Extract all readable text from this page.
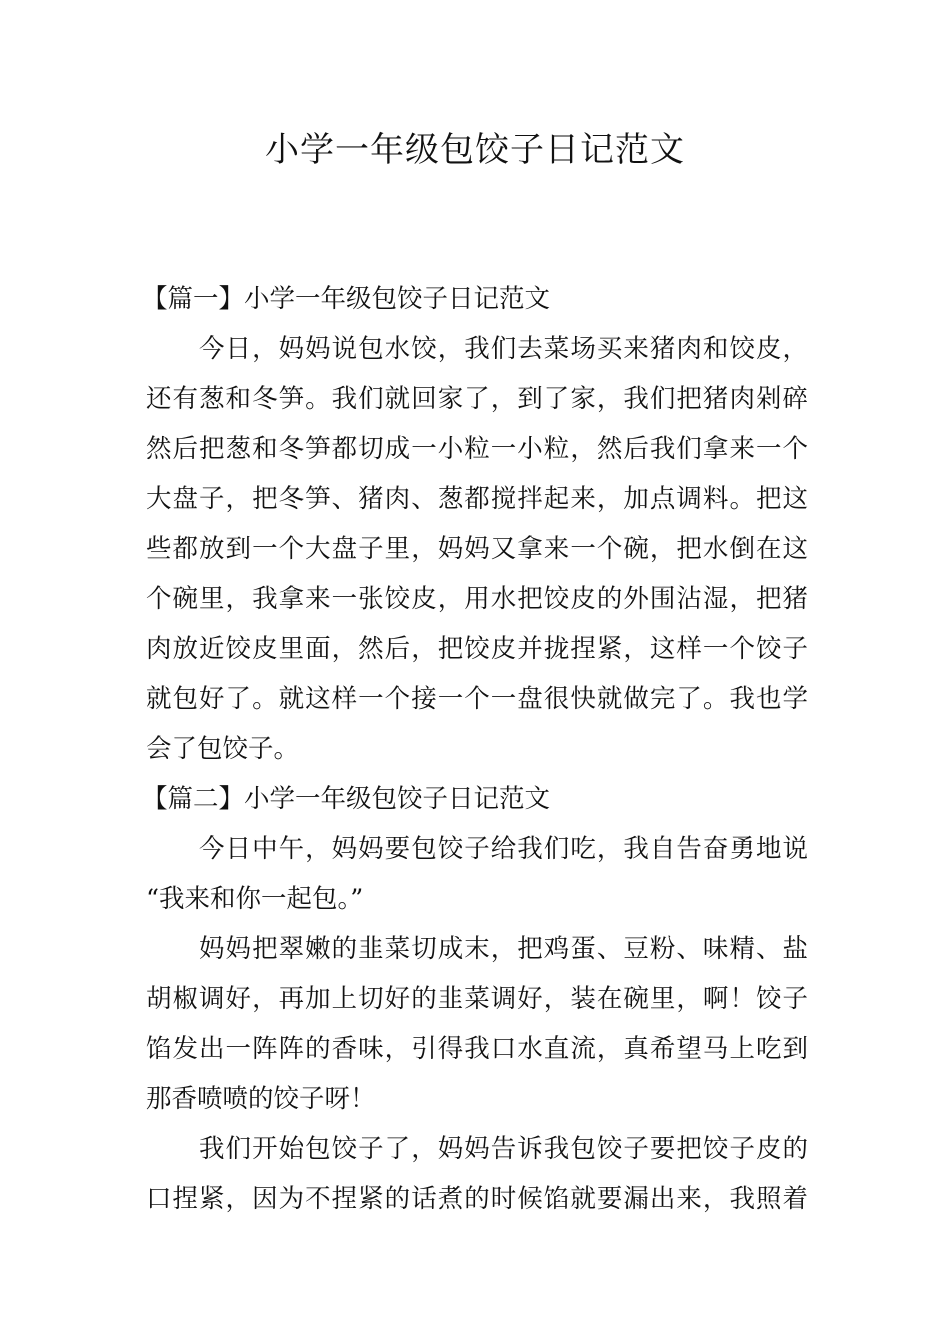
小学一年级包饺子日记范文
【篇一】小学一年级包饺子日记范文
　　今日，妈妈说包水饺，我们去菜场买来猪肉和饺皮，
还有葱和冬笋。我们就回家了，到了家，我们把猪肉剁碎
然后把葱和冬笋都切成一小粒一小粒，然后我们拿来一个
大盘子，把冬笋、猪肉、葱都搅拌起来，加点调料。把这
些都放到一个大盘子里，妈妈又拿来一个碗，把水倒在这
个碗里，我拿来一张饺皮，用水把饺皮的外围沾湿，把猪
肉放近饺皮里面，然后，把饺皮并拢捏紧，这样一个饺子
就包好了。就这样一个接一个一盘很快就做完了。我也学
会了包饺子。
【篇二】小学一年级包饺子日记范文
　　今日中午，妈妈要包饺子给我们吃，我自告奋勇地说
“我来和你一起包。”
　　妈妈把翠嫩的韭菜切成末，把鸡蛋、豆粉、味精、盐
胡椒调好，再加上切好的韭菜调好，装在碗里，啊！饺子
馅发出一阵阵的香味，引得我口水直流，真希望马上吃到
那香喷喷的饺子呀！
　　我们开始包饺子了，妈妈告诉我包饺子要把饺子皮的
口捏紧，因为不捏紧的话煮的时候馅就要漏出来，我照着
